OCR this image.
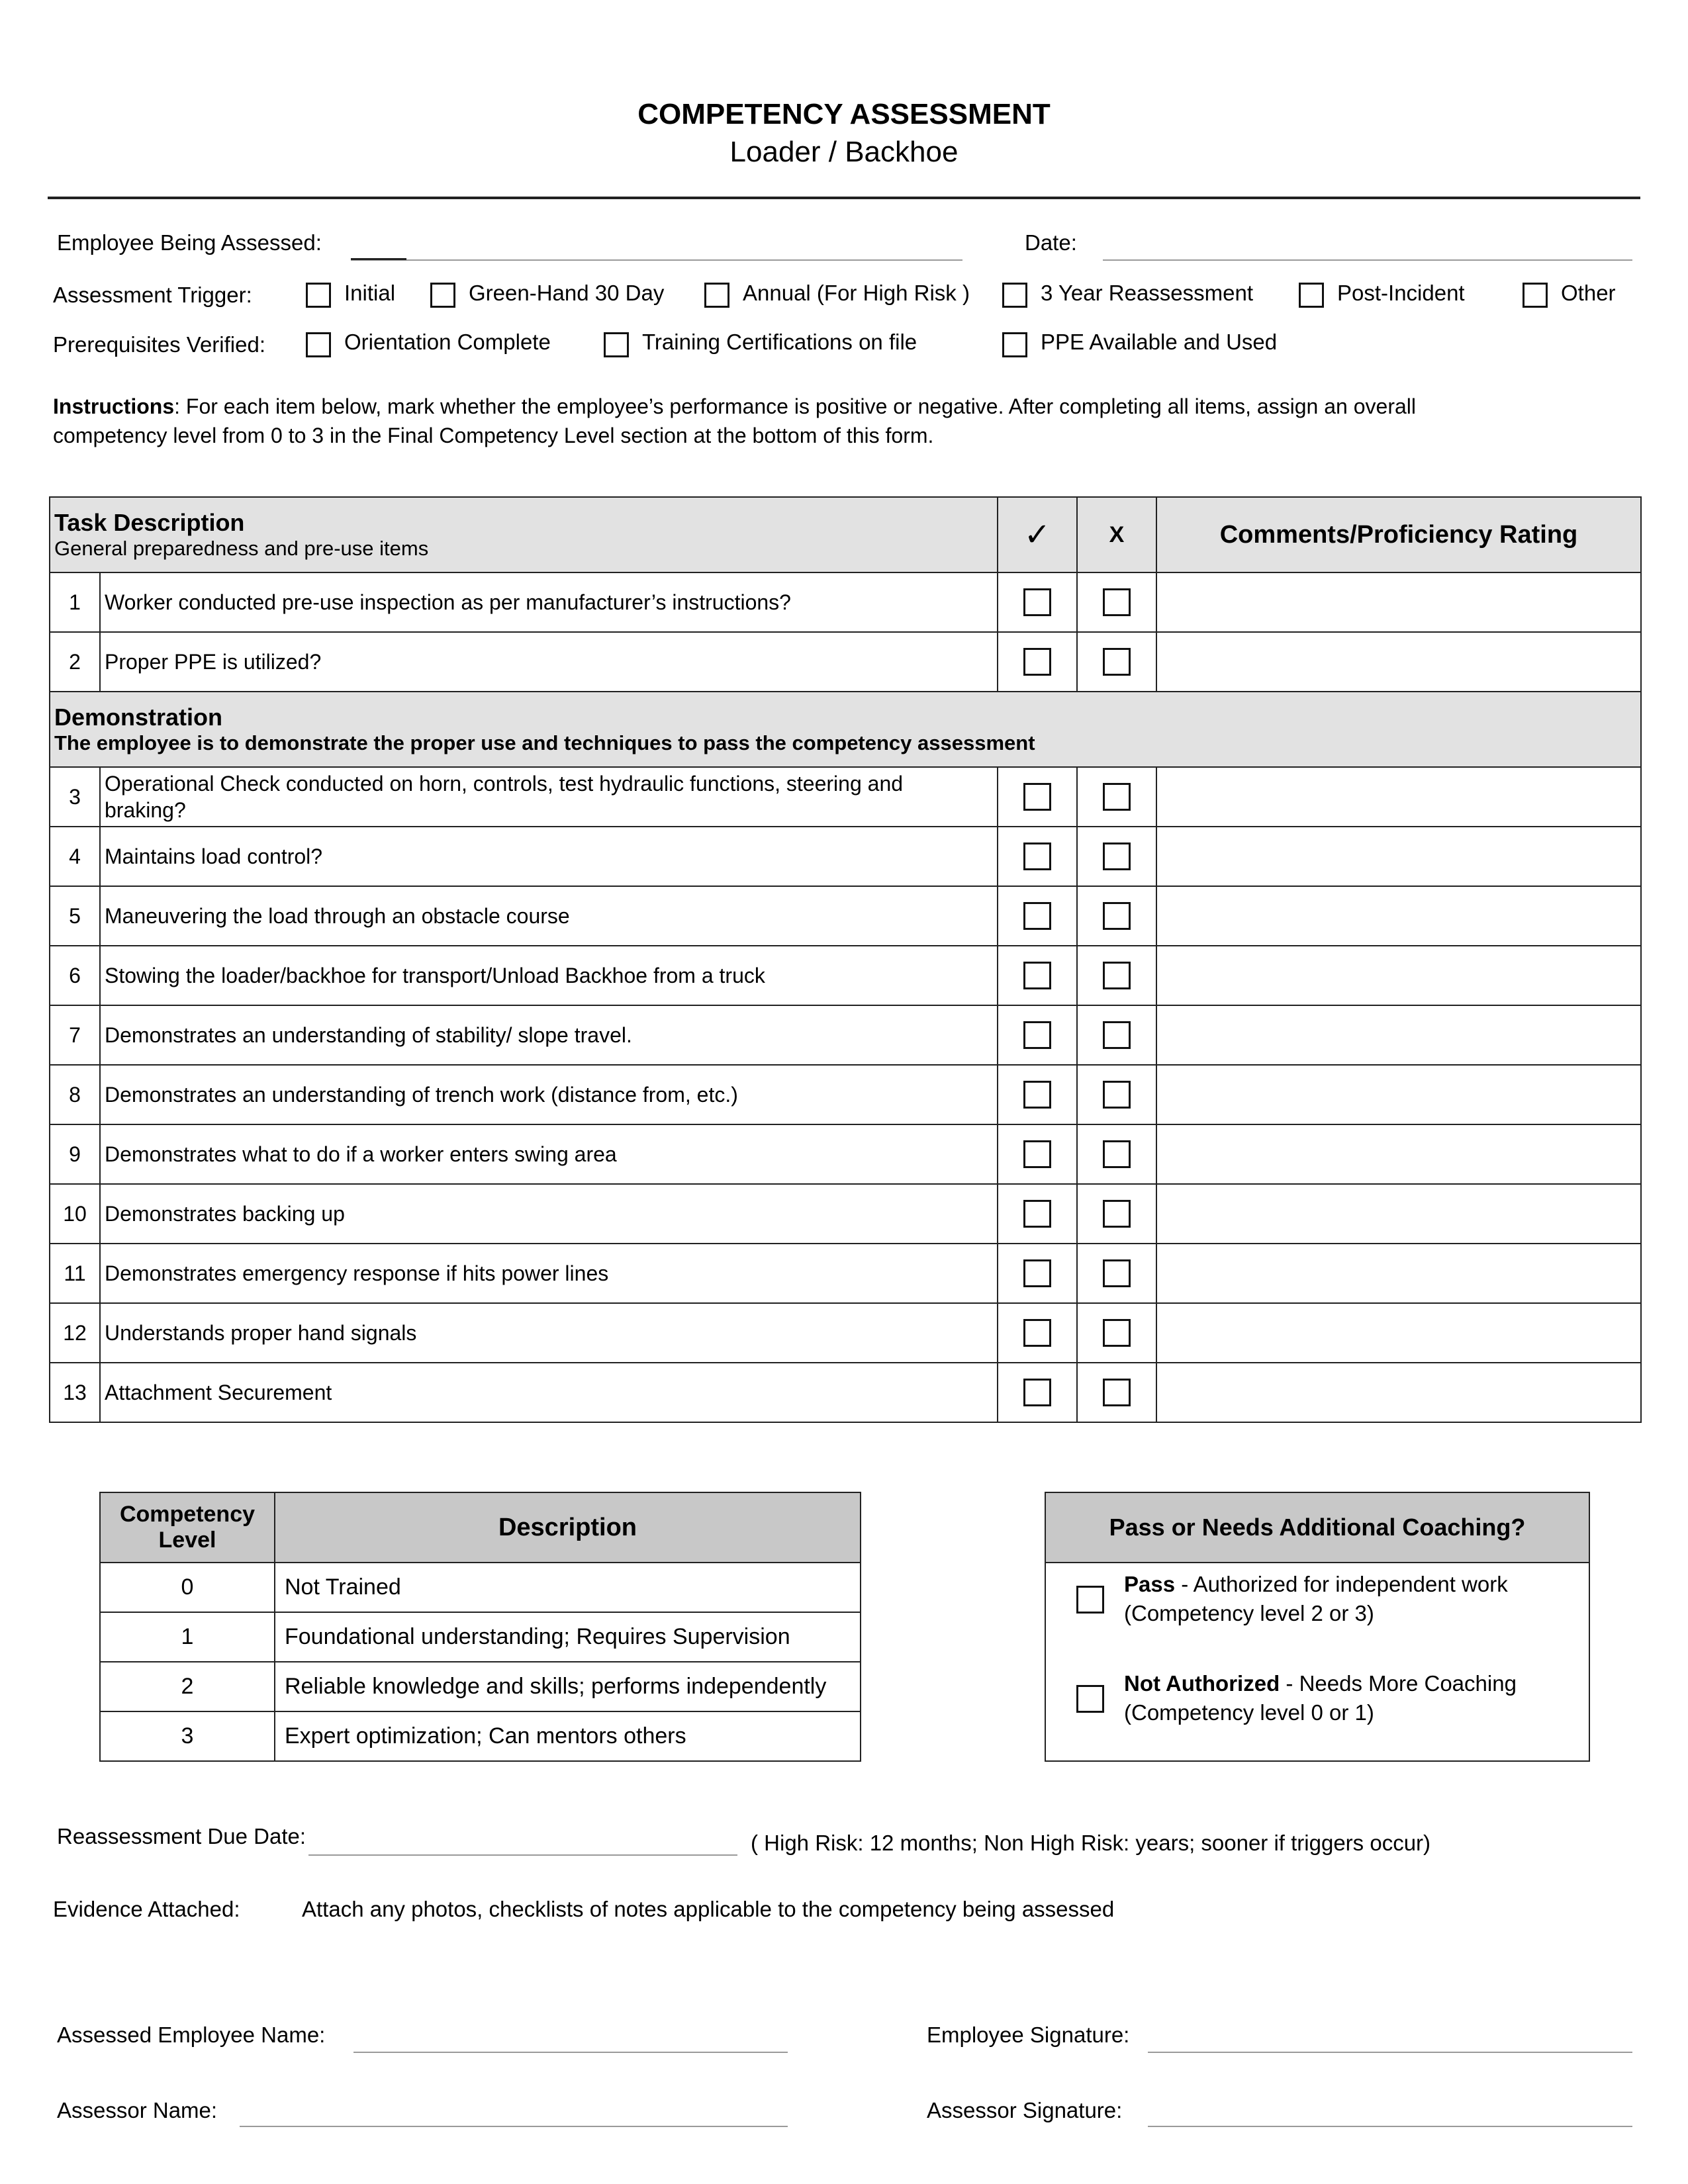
COMPETENCY ASSESSMENT
Loader / Backhoe
Employee Being Assessed:	Date:
Assessment Trigger:	Initial	Green-Hand 30 Day	Annual (For High Risk )	3 Year Reassessment	Post-Incident	Other
Prerequisites Verified:	Orientation Complete	Training Certifications on file	PPE Available and Used
Instructions: For each item below, mark whether the employee’s performance is positive or negative. After completing all items, assign an overall
competency level from 0 to 3 in the Final Competency Level section at the bottom of this form.
Task Description
General preparedness and pre-use items		✓	X	Comments/Proficiency Rating
1	Worker conducted pre-use inspection as per manufacturer’s instructions?	

2	Proper PPE is utilized?	

Demonstration
The employee is to demonstrate the proper use and techniques to pass the competency assessment				

3	Operational Check conducted on horn, controls, test hydraulic functions, steering and
braking?			

4	Maintains load control?	

5	Maneuvering the load through an obstacle course	

6	Stowing the loader/backhoe for transport/Unload Backhoe from a truck	

7	Demonstrates an understanding of stability/ slope travel.	

8	Demonstrates an understanding of trench work (distance from, etc.)	

9	Demonstrates what to do if a worker enters swing area	

10	Demonstrates backing up	

11	Demonstrates emergency response if hits power lines	

12	Understands proper hand signals	

13	Attachment Securement	

Competency
Level	Description
0	Not Trained
1	Foundational understanding; Requires Supervision
2	Reliable knowledge and skills; performs independently
3	Expert optimization; Can mentors others
Pass or Needs Additional Coaching?
Pass - Authorized for independent work
(Competency level 2 or 3)
Not Authorized - Needs More Coaching
(Competency level 0 or 1)
Reassessment Due Date:	( High Risk: 12 months; Non High Risk: years; sooner if triggers occur)
Evidence Attached:	Attach any photos, checklists of notes applicable to the competency being assessed
Assessed Employee Name:	Employee Signature:
Assessor Name:	Assessor Signature:
